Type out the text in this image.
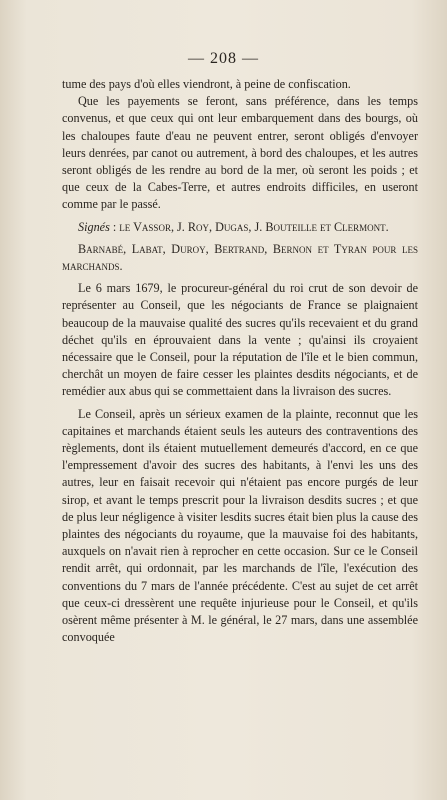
— 208 —

tume des pays d'où elles viendront, à peine de confiscation.

Que les payements se feront, sans préférence, dans les temps convenus, et que ceux qui ont leur embarquement dans des bourgs, où les chaloupes faute d'eau ne peuvent entrer, seront obligés d'envoyer leurs denrées, par canot ou autrement, à bord des chaloupes, et les autres seront obligés de les rendre au bord de la mer, où seront les poids ; et que ceux de la Cabes-Terre, et autres endroits difficiles, en useront comme par le passé.

Signés : le Vassor, J. Roy, Dugas, J. Bouteille et Clermont.

Barnabé, Labat, Duroy, Bertrand, Bernon et Tyran pour les marchands.

Le 6 mars 1679, le procureur-général du roi crut de son devoir de représenter au Conseil, que les négociants de France se plaignaient beaucoup de la mauvaise qualité des sucres qu'ils recevaient et du grand déchet qu'ils en éprouvaient dans la vente ; qu'ainsi ils croyaient nécessaire que le Conseil, pour la réputation de l'île et le bien commun, cherchât un moyen de faire cesser les plaintes desdits négociants, et de remédier aux abus qui se commettaient dans la livraison des sucres.

Le Conseil, après un sérieux examen de la plainte, reconnut que les capitaines et marchands étaient seuls les auteurs des contraventions des règlements, dont ils étaient mutuellement demeurés d'accord, en ce que l'empressement d'avoir des sucres des habitants, à l'envi les uns des autres, leur en faisait recevoir qui n'étaient pas encore purgés de leur sirop, et avant le temps prescrit pour la livraison desdits sucres ; et que de plus leur négligence à visiter lesdits sucres était bien plus la cause des plaintes des négociants du royaume, que la mauvaise foi des habitants, auxquels on n'avait rien à reprocher en cette occasion. Sur ce le Conseil rendit arrêt, qui ordonnait, par les marchands de l'île, l'exécution des conventions du 7 mars de l'année précédente. C'est au sujet de cet arrêt que ceux-ci dressèrent une requête injurieuse pour le Conseil, et qu'ils osèrent même présenter à M. le général, le 27 mars, dans une assemblée convoquée
